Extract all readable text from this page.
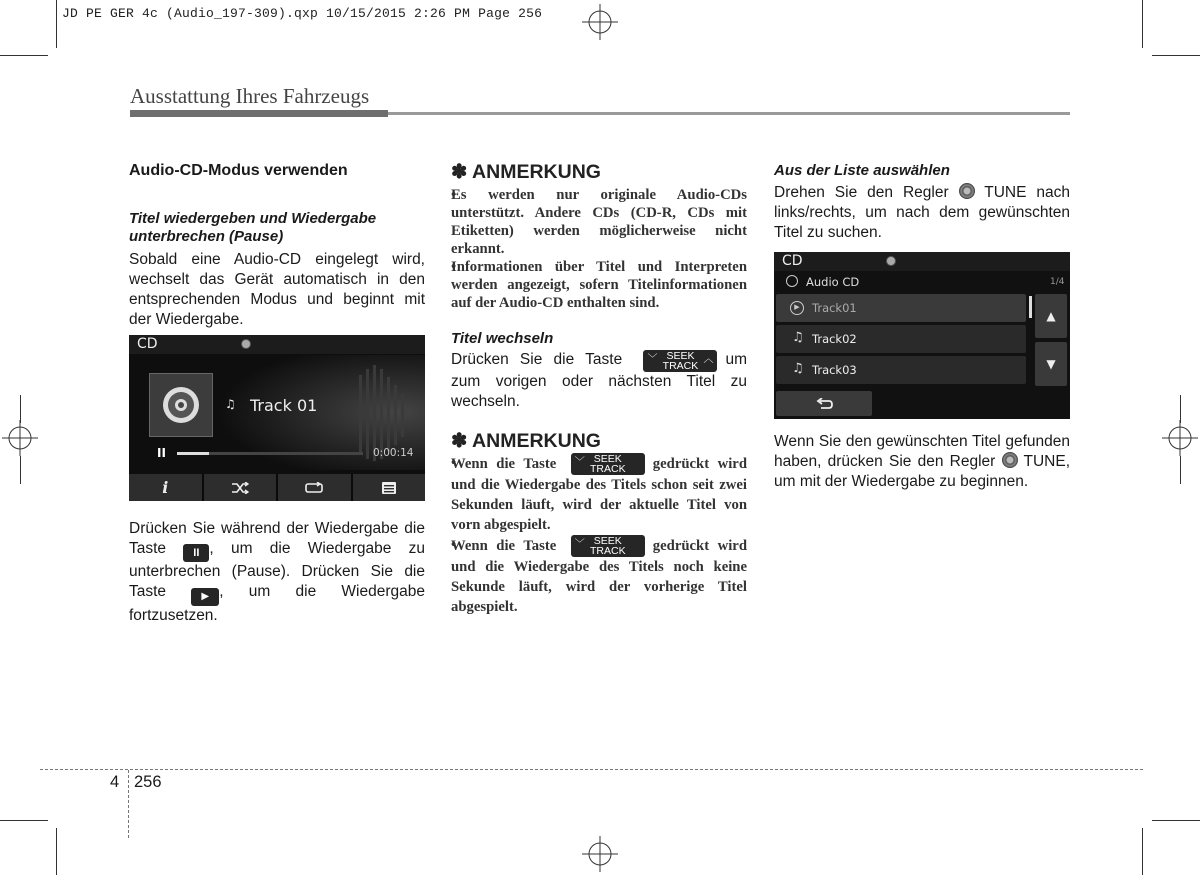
JD PE GER 4c (Audio_197-309).qxp 10/15/2015 2:26 PM Page 256
Ausstattung Ihres Fahrzeugs
Audio-CD-Modus verwenden
Titel wiedergeben und Wiedergabe unterbrechen (Pause)
Sobald eine Audio-CD eingelegt wird, wechselt das Gerät automatisch in den entsprechenden Modus und beginnt mit der Wiedergabe.
CD
♫ Track 01
II	0:00:14
i
Drücken Sie während der Wiedergabe die Taste II , um die Wiedergabe zu unterbrechen (Pause). Drücken Sie die Taste	▶ , um die Wiedergabe fortzusetzen.
✽ ANMERKUNG
• Es werden nur originale Audio-CDs unterstützt. Andere CDs (CD-R, CDs mit Etiketten) werden möglicherweise nicht erkannt.
• Informationen über Titel und Interpreten werden angezeigt, sofern Titelinformationen auf der Audio-CD enthalten sind.
Titel wechseln
Drücken Sie die Taste	﹀ SEEK
TRACK
︿ um zum vorigen oder nächsten Titel zu wechseln.
✽ ANMERKUNG
• Wenn die Taste ﹀ SEEK
TRACK gedrückt wird und die Wiedergabe des Titels schon seit zwei Sekunden läuft, wird der aktuelle Titel von vorn abgespielt.
• Wenn die Taste ﹀ SEEK
TRACK gedrückt wird und die Wiedergabe des Titels noch keine Sekunde läuft, wird der vorherige Titel abgespielt.
Aus der Liste auswählen
Drehen Sie den Regler TUNE nach links/rechts, um nach dem gewünschten Titel zu suchen.
CD
Audio CD	1/4
▶	Track01
♫ Track02
♫ Track03
▲
▼
Wenn Sie den gewünschten Titel gefunden haben, drücken Sie den Regler TUNE, um mit der Wiedergabe zu beginnen.
4 256
